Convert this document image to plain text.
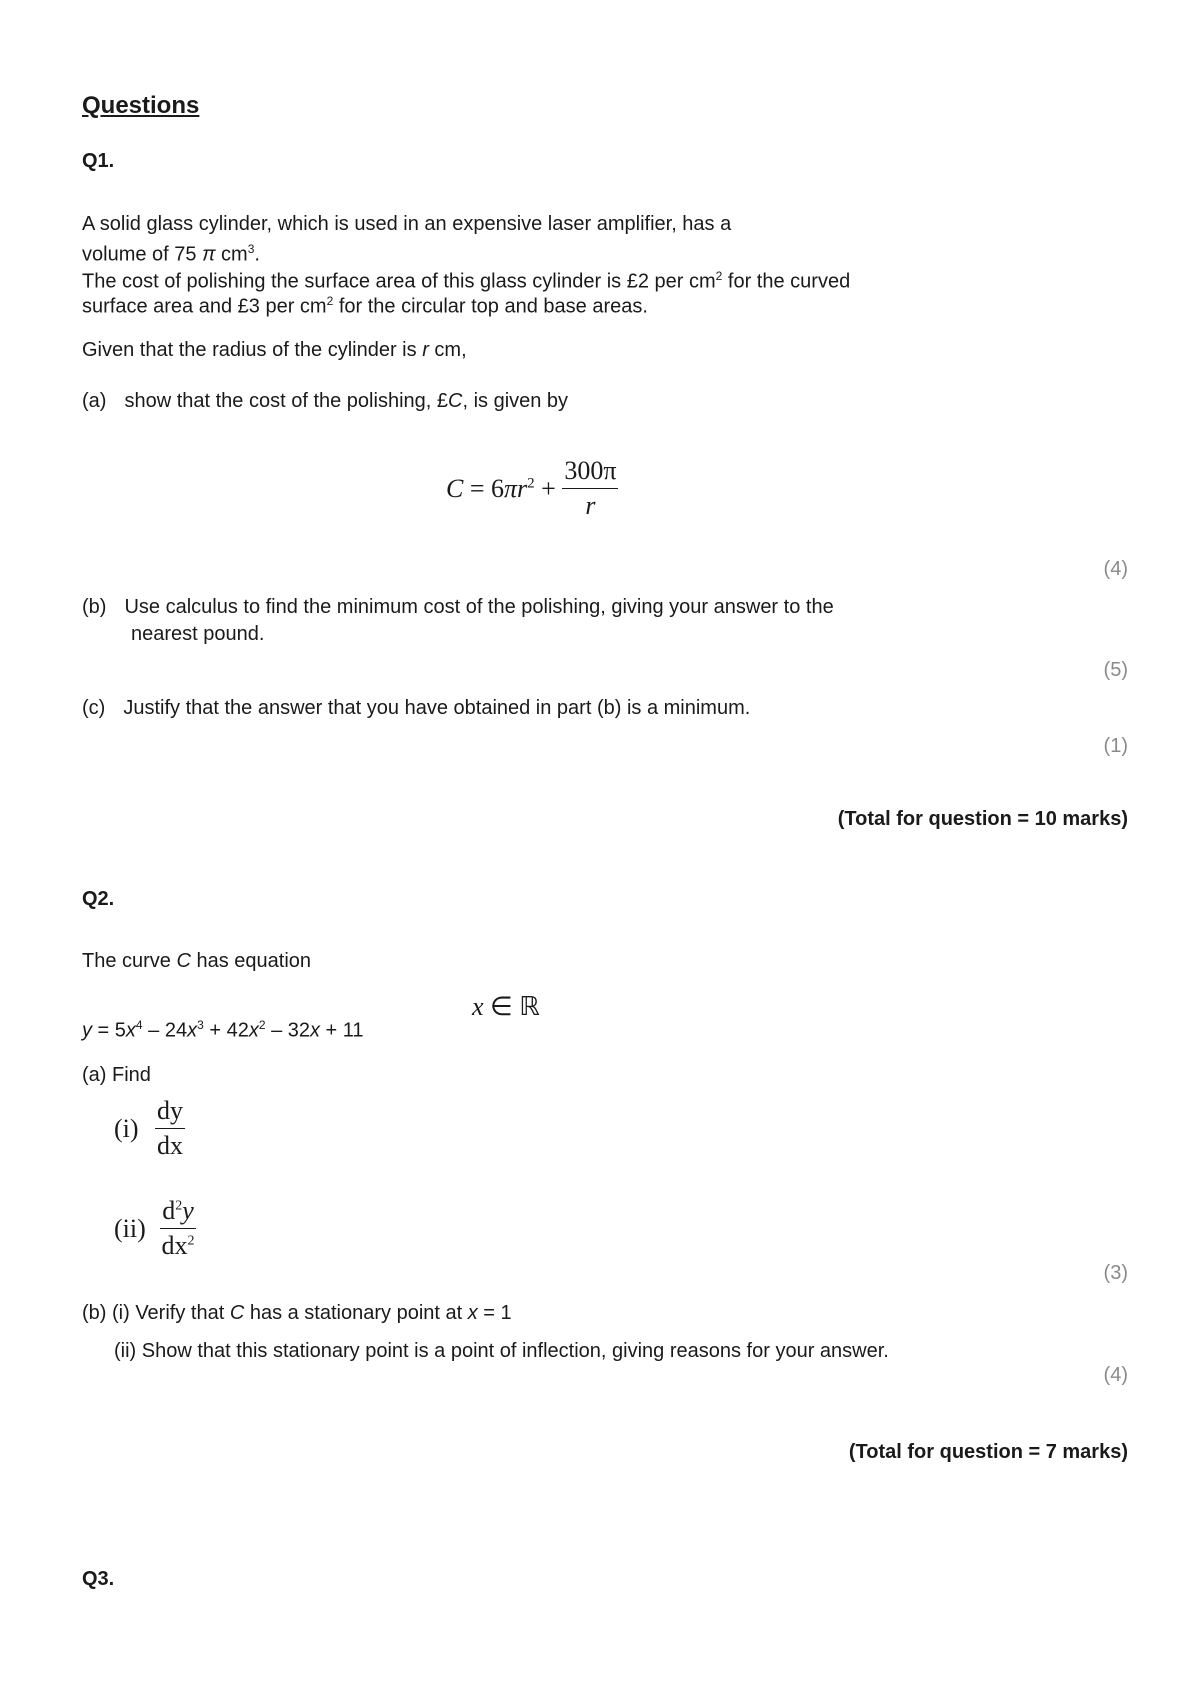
Questions
Q1.
A solid glass cylinder, which is used in an expensive laser amplifier, has a
volume of 75 π $cm^3$.
The cost of polishing the surface area of this glass cylinder is £2 per $cm^2$ for the curved
surface area and £3 per $cm^2$ for the circular top and base areas.
Given that the radius of the cylinder is r cm,
(a) show that the cost of the polishing, £C, is given by
$C = 6\pi r^2 + \frac{300\pi}{r}$
(4)
(b) Use calculus to find the minimum cost of the polishing, giving your answer to the
nearest pound.
(5)
(c) Justify that the answer that you have obtained in part (b) is a minimum.
(1)
(Total for question = 10 marks)
Q2.
The curve C has equation
$y = 5x^4 - 24x^3 + 42x^2 - 32x + 11$
x ∈ ℝ
(a) Find
$(i) \frac{dy}{dx}$
$(ii) \frac{d^2y}{dx^2}$
(3)
(b) (i) Verify that C has a stationary point at x = 1
(ii) Show that this stationary point is a point of inflection, giving reasons for your answer.
(4)
(Total for question = 7 marks)
Q3.
